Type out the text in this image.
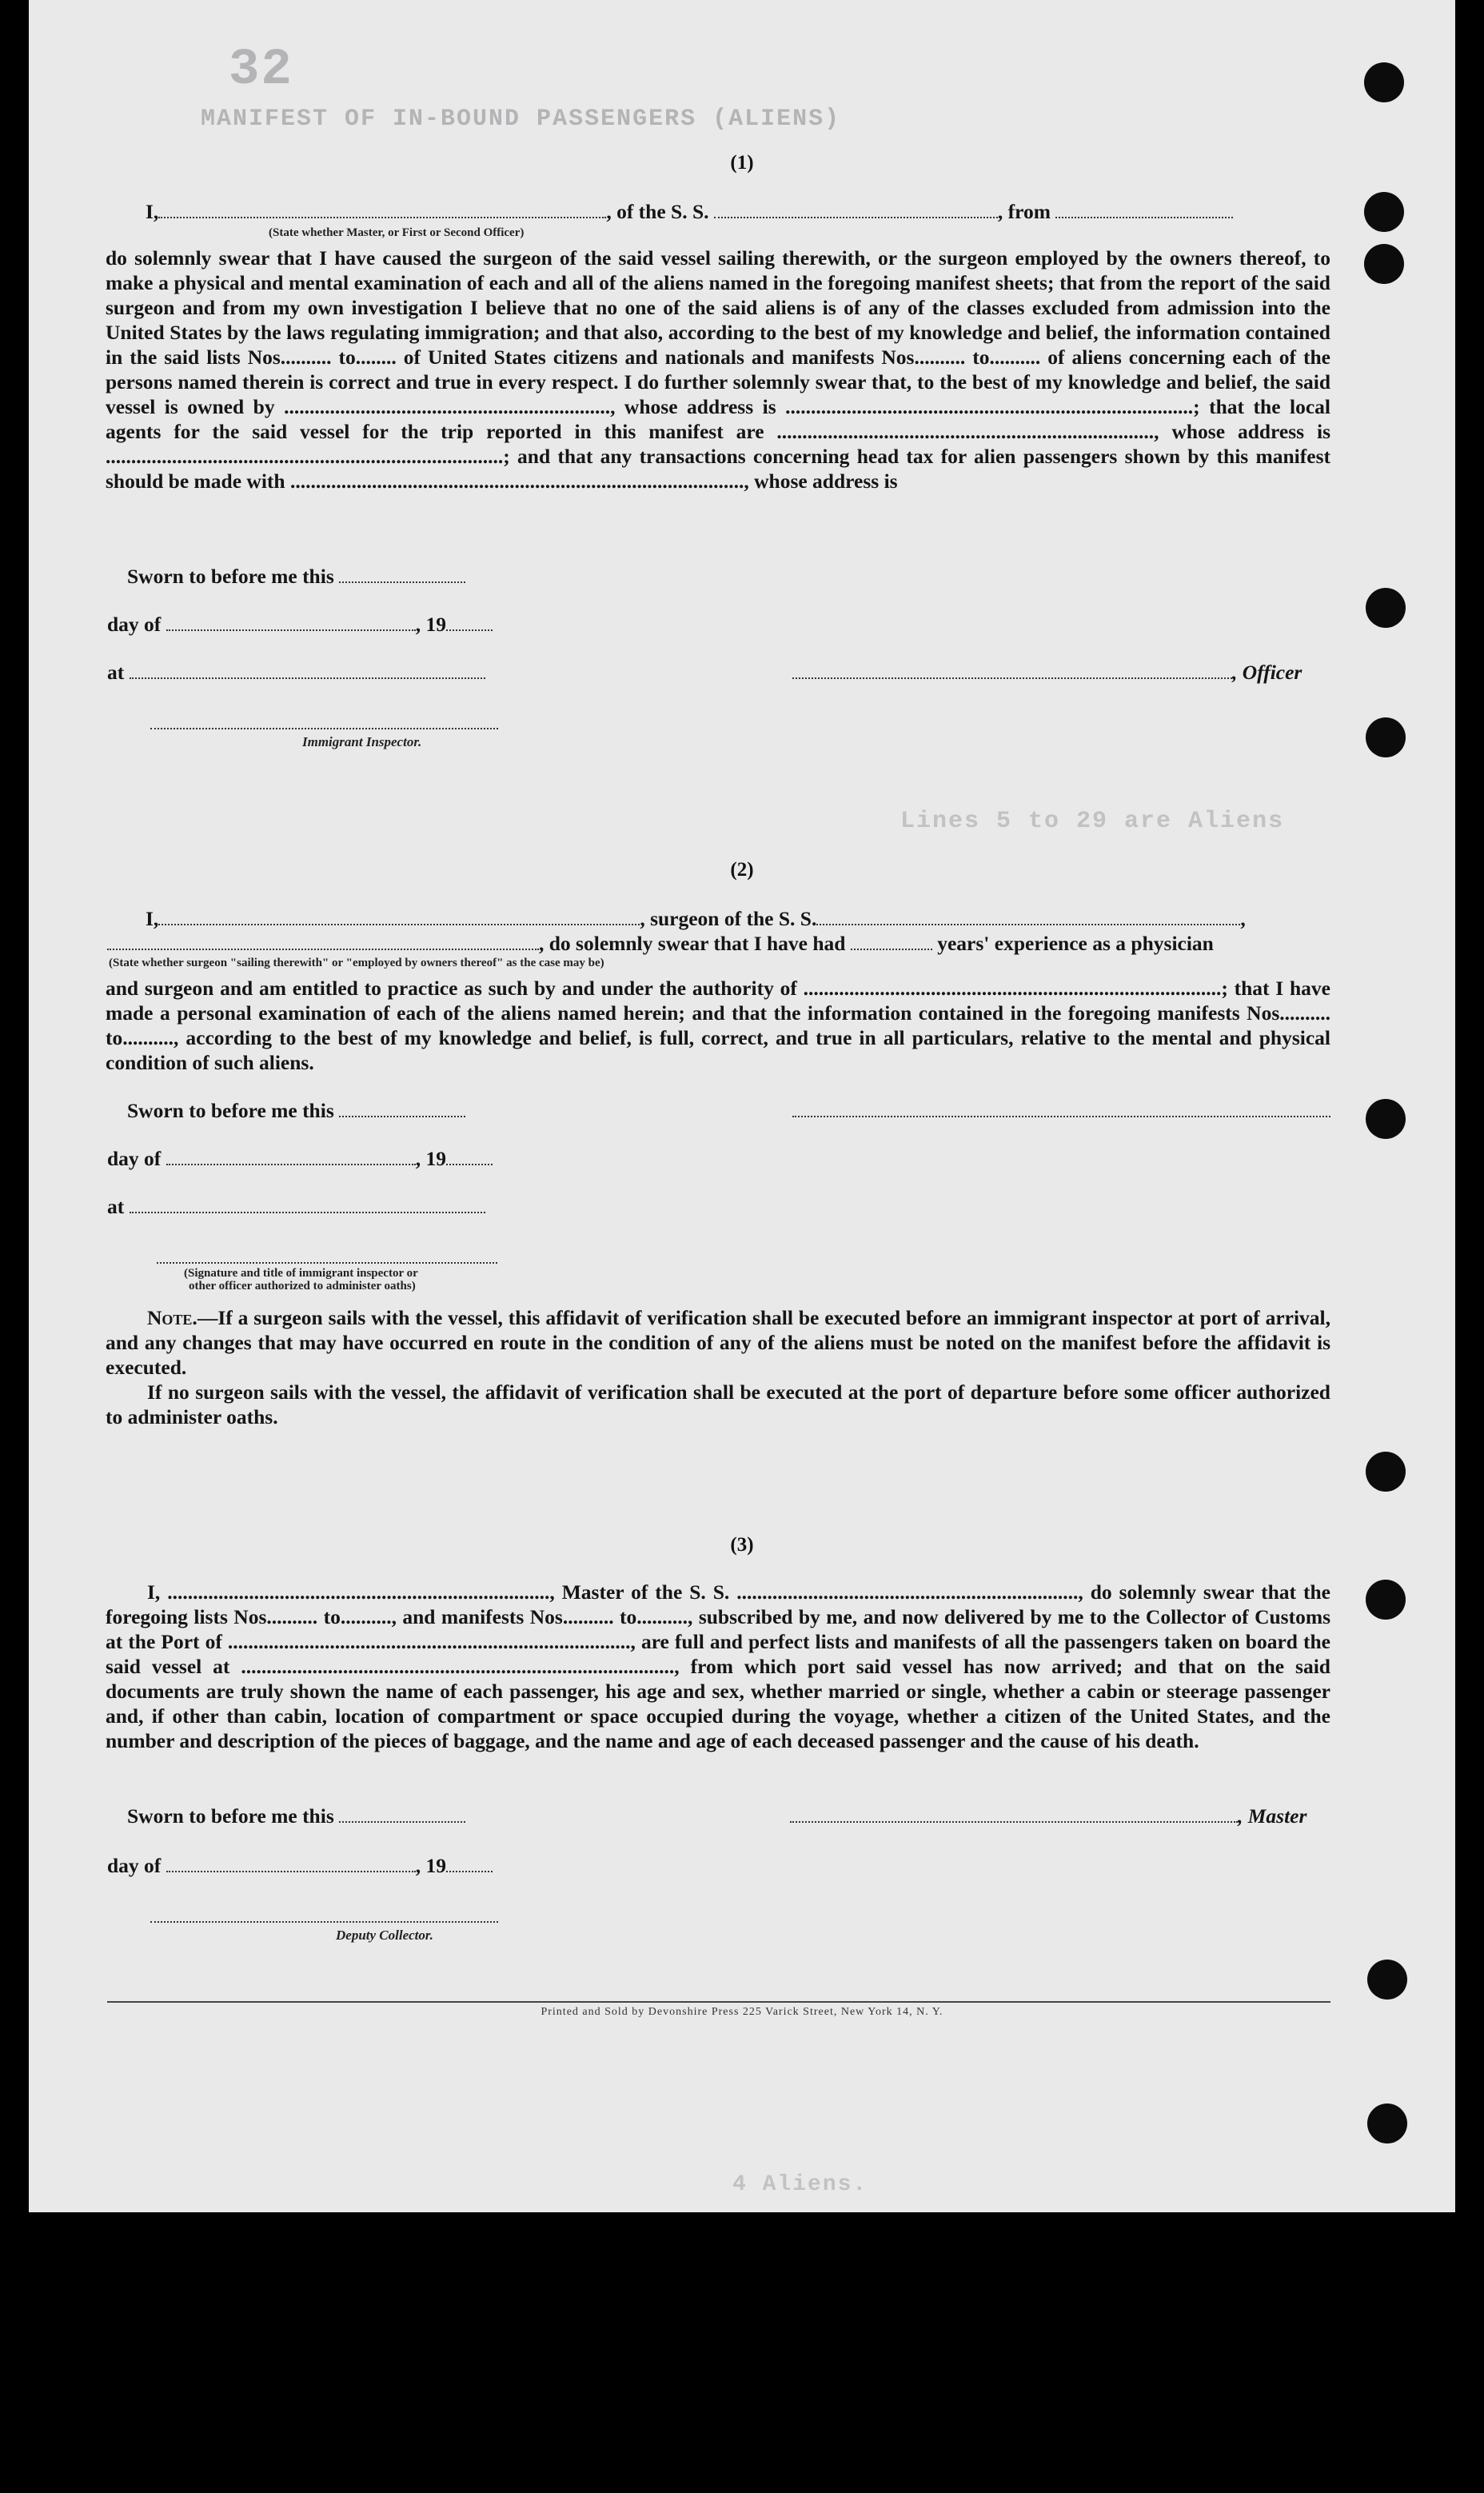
32
MANIFEST OF IN-BOUND PASSENGERS (ALIENS)
Lines 5 to 29 are Aliens
4 Aliens.
(1)
I,	, of the S. S.	, from
(State whether Master, or First or Second Officer)
do solemnly swear that I have caused the surgeon of the said vessel sailing therewith, or the surgeon employed by the owners thereof, to make a physical and mental examination of each and all of the aliens named in the foregoing manifest sheets; that from the report of the said surgeon and from my own investigation I believe that no one of the said aliens is of any of the classes excluded from admission into the United States by the laws regulating immigration; and that also, according to the best of my knowledge and belief, the information contained in the said lists Nos.......... to........ of United States citizens and nationals and manifests Nos.......... to.......... of aliens concerning each of the persons named therein is correct and true in every respect. I do further solemnly swear that, to the best of my knowledge and belief, the said vessel is owned by ................................................................, whose address is ................................................................................; that the local agents for the said vessel for the trip reported in this manifest are .........................................................................., whose address is ..............................................................................; and that any transactions concerning head tax for alien passengers shown by this manifest should be made with ........................................................................................., whose address is
Sworn to before me this
day of	, 19
at	, Officer
Immigrant Inspector.
(2)
I,	, surgeon of the S. S.	,
, do solemnly swear that I have had	years' experience as a physician
(State whether surgeon "sailing therewith" or "employed by owners thereof" as the case may be)
and surgeon and am entitled to practice as such by and under the authority of ..................................................................................; that I have made a personal examination of each of the aliens named herein; and that the information contained in the foregoing manifests Nos.......... to.........., according to the best of my knowledge and belief, is full, correct, and true in all particulars, relative to the mental and physical condition of such aliens.
Sworn to before me this
day of	, 19
at
(Signature and title of immigrant inspector or
other officer authorized to administer oaths)
Note.—If a surgeon sails with the vessel, this affidavit of verification shall be executed before an immigrant inspector at port of arrival, and any changes that may have occurred en route in the condition of any of the aliens must be noted on the manifest before the affidavit is executed.
If no surgeon sails with the vessel, the affidavit of verification shall be executed at the port of departure before some officer authorized to administer oaths.
(3)
I, ..........................................................................., Master of the S. S. ..................................................................., do solemnly swear that the foregoing lists Nos.......... to.........., and manifests Nos.......... to.........., subscribed by me, and now delivered by me to the Collector of Customs at the Port of ..............................................................................., are full and perfect lists and manifests of all the passengers taken on board the said vessel at ....................................................................................., from which port said vessel has now arrived; and that on the said documents are truly shown the name of each passenger, his age and sex, whether married or single, whether a cabin or steerage passenger and, if other than cabin, location of compartment or space occupied during the voyage, whether a citizen of the United States, and the number and description of the pieces of baggage, and the name and age of each deceased passenger and the cause of his death.
Sworn to before me this	, Master
day of	, 19
Deputy Collector.
Printed and Sold by Devonshire Press 225 Varick Street, New York 14, N. Y.
